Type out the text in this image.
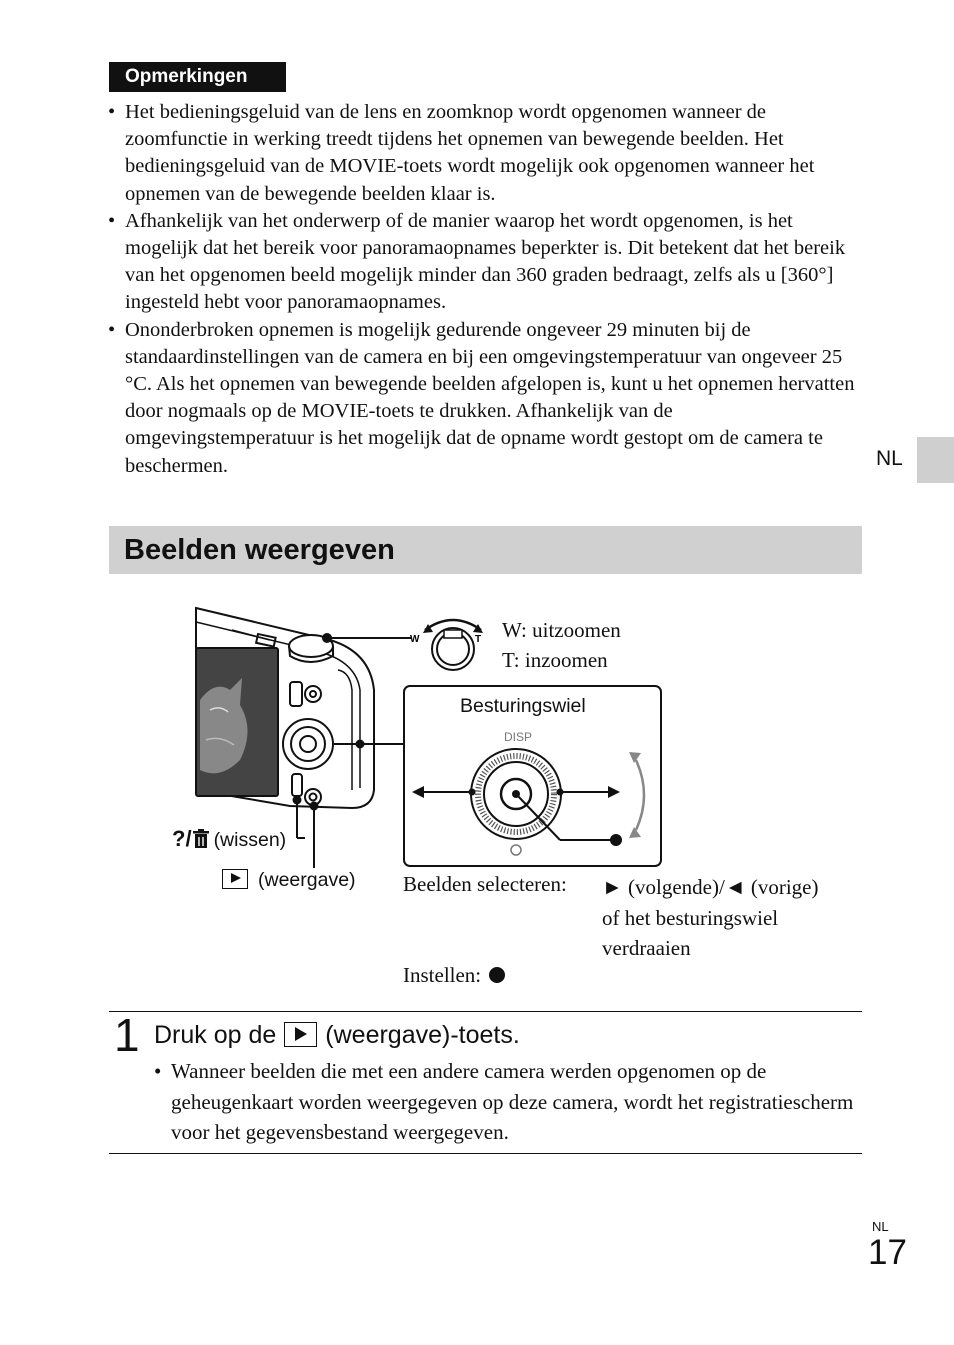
Opmerkingen
• Het bedieningsgeluid van de lens en zoomknop wordt opgenomen wanneer de zoomfunctie in werking treedt tijdens het opnemen van bewegende beelden. Het bedieningsgeluid van de MOVIE-toets wordt mogelijk ook opgenomen wanneer het opnemen van de bewegende beelden klaar is.
• Afhankelijk van het onderwerp of de manier waarop het wordt opgenomen, is het mogelijk dat het bereik voor panoramaopnames beperkter is. Dit betekent dat het bereik van het opgenomen beeld mogelijk minder dan 360 graden bedraagt, zelfs als u [360°] ingesteld hebt voor panoramaopnames.
• Ononderbroken opnemen is mogelijk gedurende ongeveer 29 minuten bij de standaardinstellingen van de camera en bij een omgevingstemperatuur van ongeveer 25 °C. Als het opnemen van bewegende beelden afgelopen is, kunt u het opnemen hervatten door nogmaals op de MOVIE-toets te drukken. Afhankelijk van de omgevingstemperatuur is het mogelijk dat de opname wordt gestopt om de camera te beschermen.	NL
Beelden weergeven
W	T
DISP
W: uitzoomen
T: inzoomen
Besturingswiel
?/ (wissen)
(weergave) Beelden selecteren: ► (volgende)/◄ (vorige)
of het besturingswiel
verdraaien
Instellen:
1 Druk op de (weergave)-toets.
• Wanneer beelden die met een andere camera werden opgenomen op de geheugenkaart worden weergegeven op deze camera, wordt het registratiescherm voor het gegevensbestand weergegeven.
NL
17
